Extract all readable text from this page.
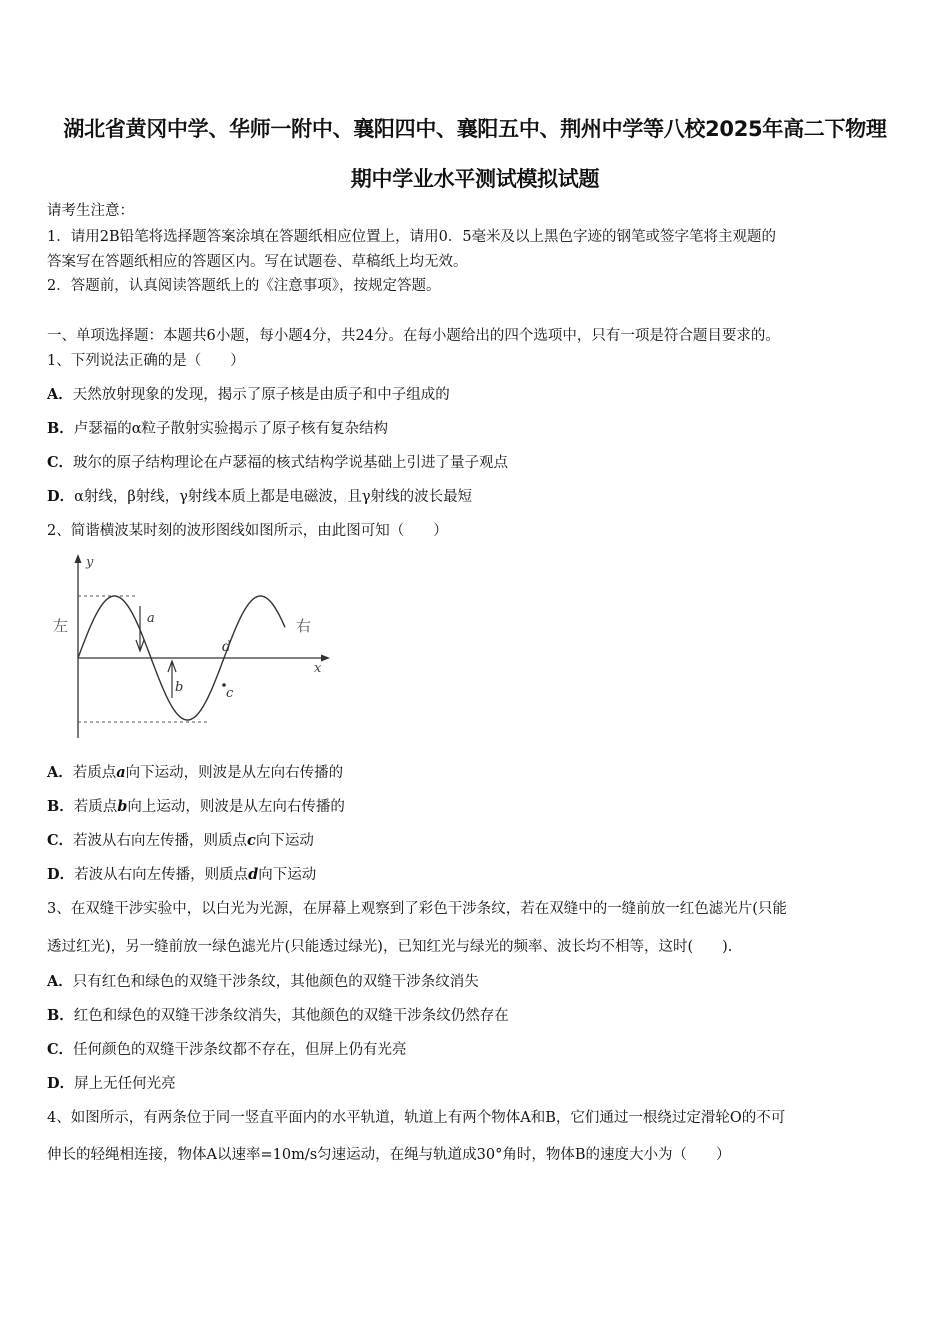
湖北省黄冈中学、华师一附中、襄阳四中、襄阳五中、荆州中学等八校2025年高二下物理
期中学业水平测试模拟试题
请考生注意：
1．请用2B铅笔将选择题答案涂填在答题纸相应位置上，请用0．5毫米及以上黑色字迹的钢笔或签字笔将主观题的
答案写在答题纸相应的答题区内。写在试题卷、草稿纸上均无效。
2．答题前，认真阅读答题纸上的《注意事项》，按规定答题。
一、单项选择题：本题共6小题，每小题4分，共24分。在每小题给出的四个选项中，只有一项是符合题目要求的。
1、下列说法正确的是（　　）
A．天然放射现象的发现，揭示了原子核是由质子和中子组成的
B．卢瑟福的α粒子散射实验揭示了原子核有复杂结构
C．玻尔的原子结构理论在卢瑟福的核式结构学说基础上引进了量子观点
D．α射线，β射线，γ射线本质上都是电磁波，且γ射线的波长最短
2、简谐横波某时刻的波形图线如图所示，由此图可知（　　）
y
x
左	右
a
b	c
d
A．若质点a向下运动，则波是从左向右传播的
B．若质点b向上运动，则波是从左向右传播的
C．若波从右向左传播，则质点c向下运动
D．若波从右向左传播，则质点d向下运动
3、在双缝干涉实验中，以白光为光源，在屏幕上观察到了彩色干涉条纹，若在双缝中的一缝前放一红色滤光片(只能
透过红光)，另一缝前放一绿色滤光片(只能透过绿光)，已知红光与绿光的频率、波长均不相等，这时(　　).
A．只有红色和绿色的双缝干涉条纹，其他颜色的双缝干涉条纹消失
B．红色和绿色的双缝干涉条纹消失，其他颜色的双缝干涉条纹仍然存在
C．任何颜色的双缝干涉条纹都不存在，但屏上仍有光亮
D．屏上无任何光亮
4、如图所示，有两条位于同一竖直平面内的水平轨道，轨道上有两个物体A和B，它们通过一根绕过定滑轮O的不可
伸长的轻绳相连接，物体A以速率=10m/s匀速运动，在绳与轨道成30°角时，物体B的速度大小为（　　）
